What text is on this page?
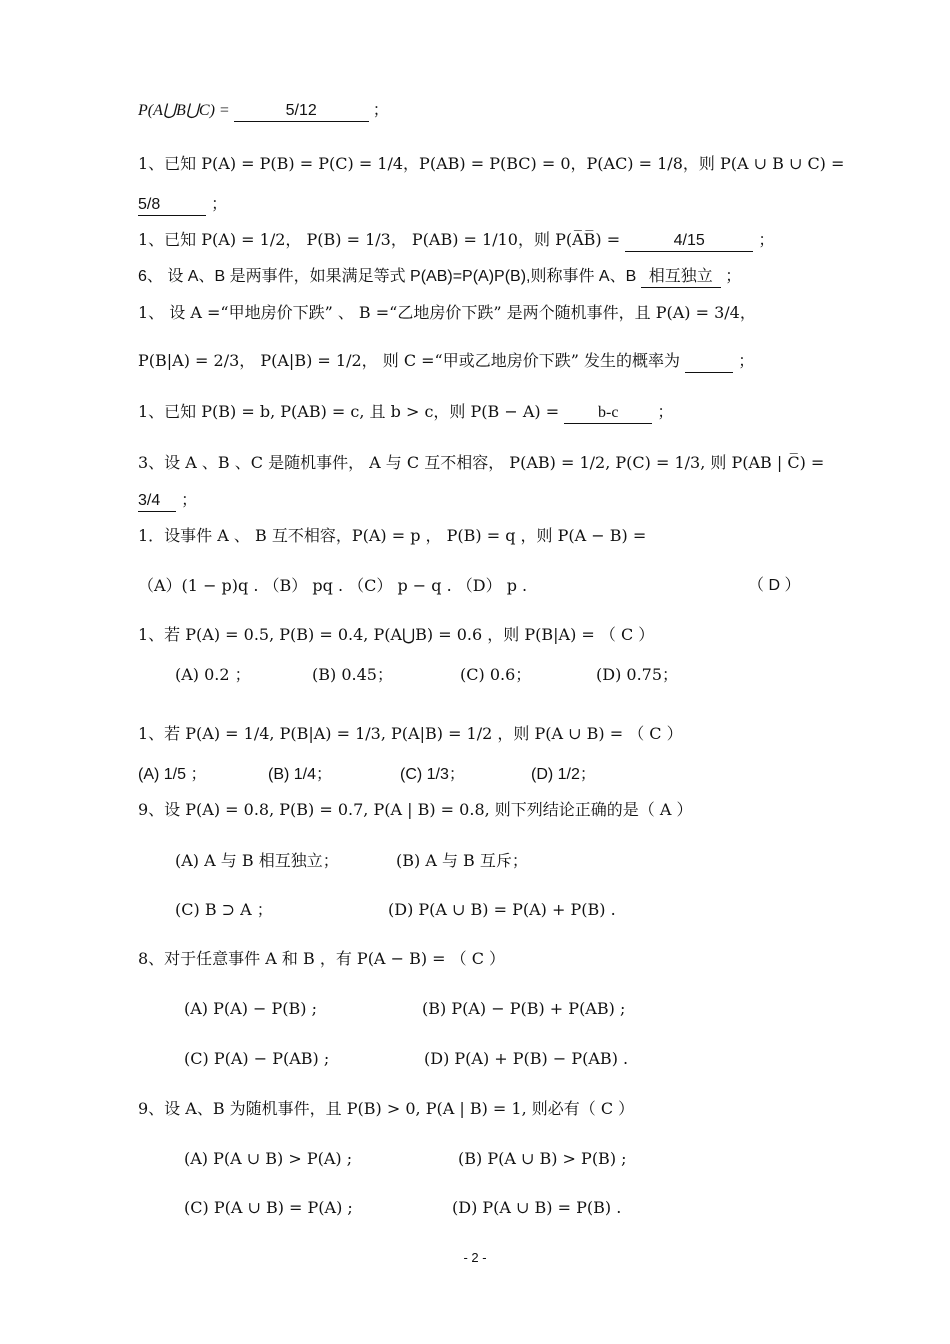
P(A⋃B⋃C) =	5/12	；
1、已知 P(A) = P(B) = P(C) = 1/4，P(AB) = P(BC) = 0，P(AC) = 1/8，则 P(A ∪ B ∪ C) =
5/8	；
1、已知 P(A) = 1/2， P(B) = 1/3， P(AB) = 1/10，则 P(A̅B̅) =	4/15	；
6、 设 A、B 是两事件，如果满足等式 P(AB)=P(A)P(B),则称事件 A、B 相互独立 ；
1、 设 A =“甲地房价下跌” 、 B =“乙地房价下跌” 是两个随机事件，且 P(A) = 3/4，
P(B|A) = 2/3， P(A|B) = 1/2， 则 C =“甲或乙地房价下跌” 发生的概率为	；
1、已知 P(B) = b, P(AB) = c, 且 b > c，则 P(B − A) = b-c ；
3、设 A 、B 、C 是随机事件， A 与 C 互不相容， P(AB) = 1/2, P(C) = 1/3, 则 P(AB | C̅) =
3/4 ；
1．设事件 A 、 B 互不相容，P(A) = p ， P(B) = q ，则 P(A − B) =
（A）(1 − p)q . （B） pq . （C） p − q . （D） p .	（ D ）
1、若 P(A) = 0.5, P(B) = 0.4, P(A⋃B) = 0.6 ，则 P(B|A) = （ C ）
(A) 0.2 ；	(B) 0.45；	(C) 0.6；	(D) 0.75；
1、若 P(A) = 1/4, P(B|A) = 1/3, P(A|B) = 1/2 ，则 P(A ∪ B) = （ C ）
(A) 1/5 ；	(B) 1/4；	(C) 1/3；	(D) 1/2；
9、设 P(A) = 0.8, P(B) = 0.7, P(A | B) = 0.8, 则下列结论正确的是（ A ）
(A) A 与 B 相互独立；	(B) A 与 B 互斥；
(C) B ⊃ A ；	(D) P(A ∪ B) = P(A) + P(B) .
8、对于任意事件 A 和 B ，有 P(A − B) = （ C ）
(A) P(A) − P(B) ;	(B) P(A) − P(B) + P(AB) ;
(C) P(A) − P(AB) ;	(D) P(A) + P(B) − P(AB) .
9、设 A、B 为随机事件，且 P(B) > 0, P(A | B) = 1, 则必有（ C ）
(A) P(A ∪ B) > P(A) ;	(B) P(A ∪ B) > P(B) ;
(C) P(A ∪ B) = P(A) ;	(D) P(A ∪ B) = P(B) .
- 2 -
